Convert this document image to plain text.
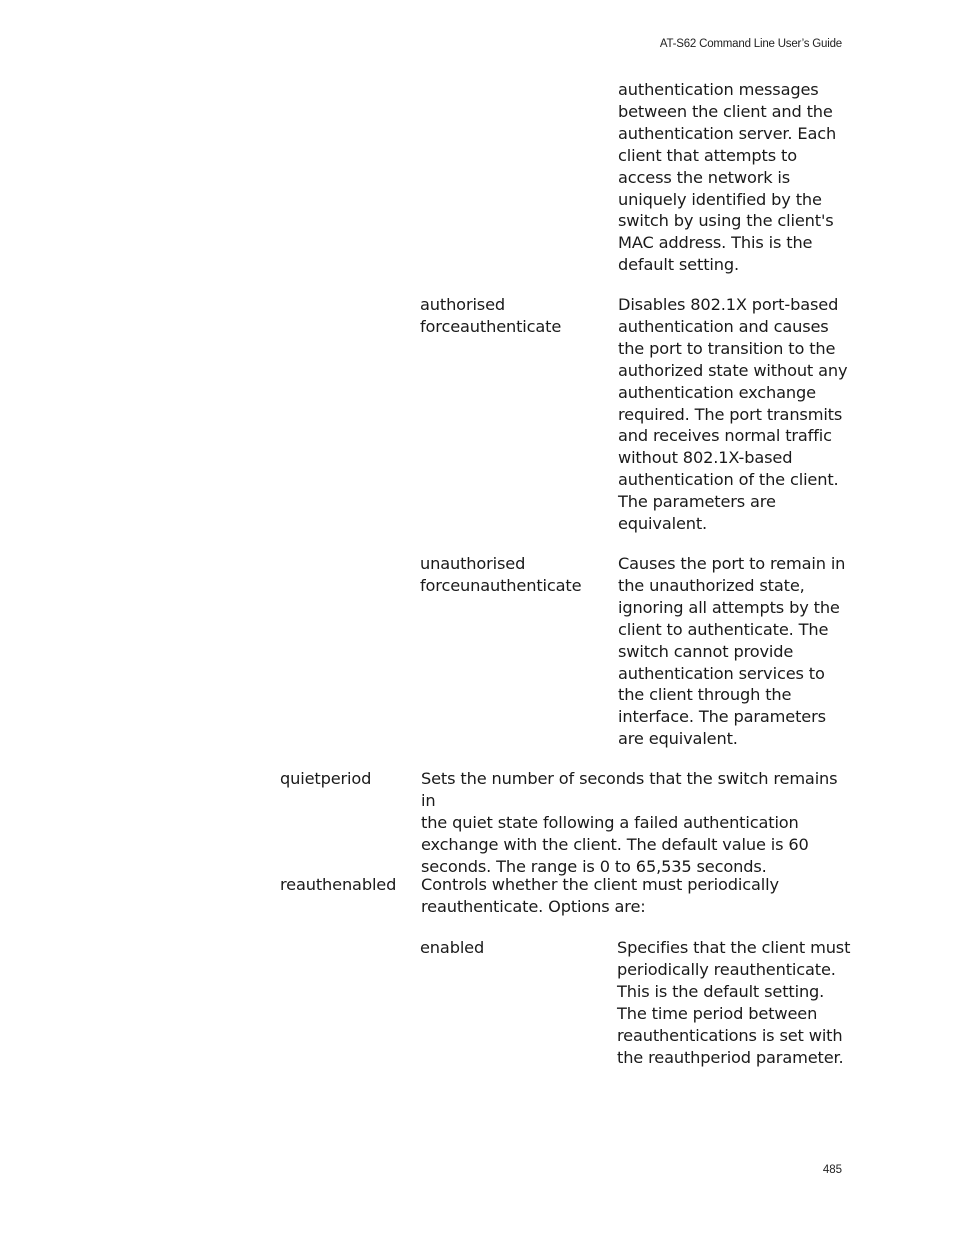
AT-S62 Command Line User’s Guide
authentication messages
between the client and the
authentication server. Each
client that attempts to
access the network is
uniquely identified by the
switch by using the client's
MAC address. This is the
default setting.
authorised
forceauthenticate
Disables 802.1X port-based
authentication and causes
the port to transition to the
authorized state without any
authentication exchange
required. The port transmits
and receives normal traffic
without 802.1X-based
authentication of the client.
The parameters are
equivalent.
unauthorised
forceunauthenticate
Causes the port to remain in
the unauthorized state,
ignoring all attempts by the
client to authenticate. The
switch cannot provide
authentication services to
the client through the
interface. The parameters
are equivalent.
quietperiod	Sets the number of seconds that the switch remains in
the quiet state following a failed authentication
exchange with the client. The default value is 60
seconds. The range is 0 to 65,535 seconds.
reauthenabled Controls whether the client must periodically
reauthenticate. Options are:
enabled	Specifies that the client must
periodically reauthenticate.
This is the default setting.
The time period between
reauthentications is set with
the reauthperiod parameter.
485
